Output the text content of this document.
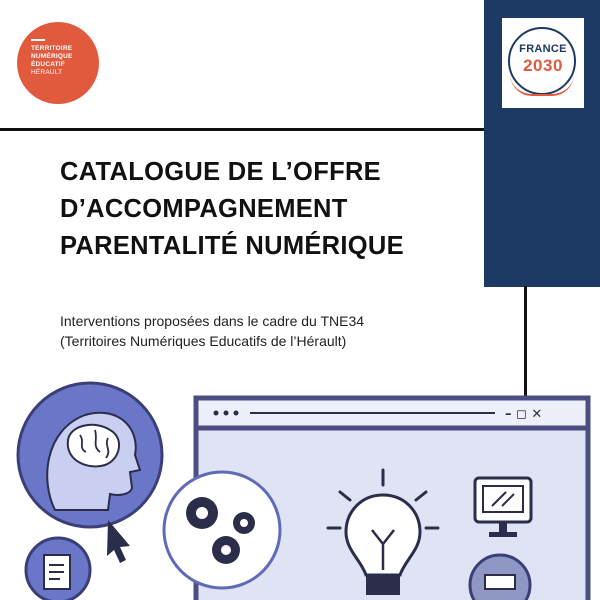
TERRITOIRE
NUMÉRIQUE
ÉDUCATIF
HÉRAULT
FRANCE
2030
CATALOGUE DE L’OFFRE
D’ACCOMPAGNEMENT
PARENTALITÉ NUMÉRIQUE
Interventions proposées dans le cadre du TNE34
(Territoires Numériques Educatifs de l’Hérault)
– ◻ ✕
